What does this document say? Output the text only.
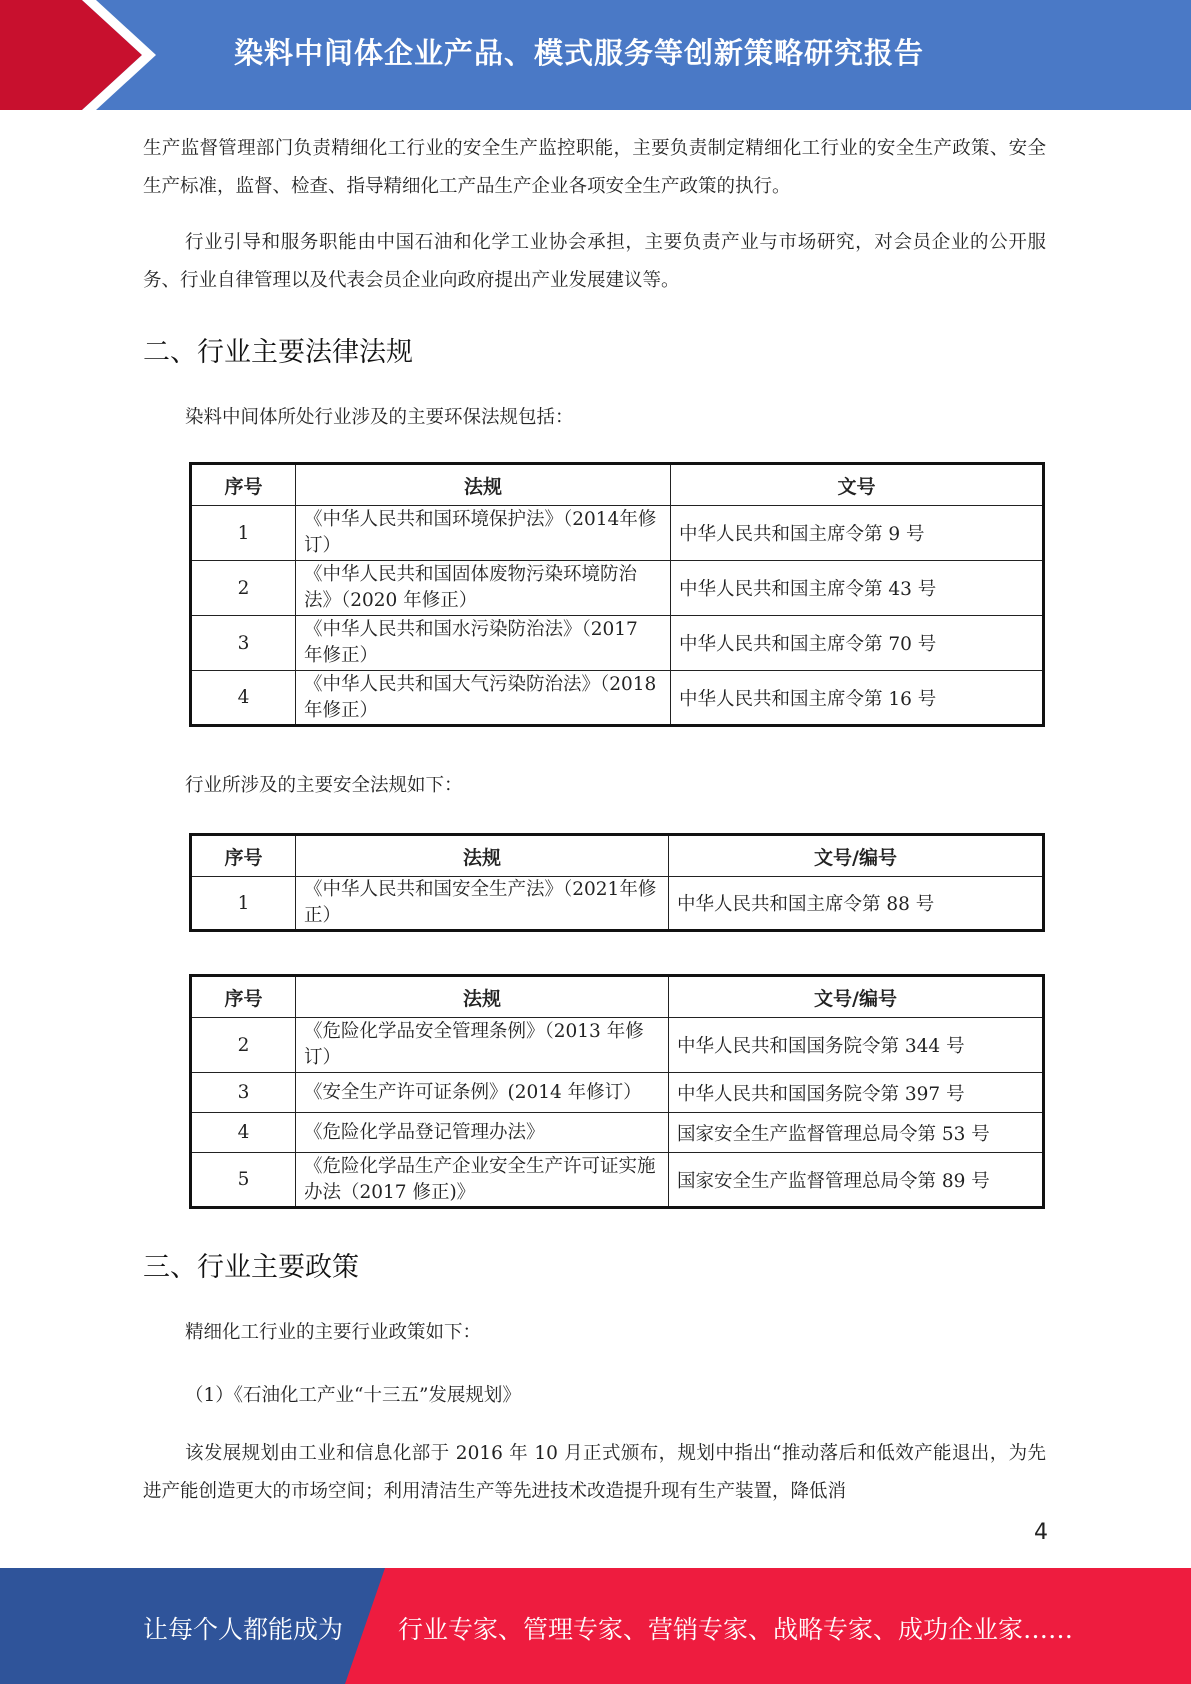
染料中间体企业产品、模式服务等创新策略研究报告

生产监督管理部门负责精细化工行业的安全生产监控职能，主要负责制定精细化工行业的安全生产政策、安全生产标准，监督、检查、指导精细化工产品生产企业各项安全生产政策的执行。

行业引导和服务职能由中国石油和化学工业协会承担，主要负责产业与市场研究，对会员企业的公开服务、行业自律管理以及代表会员企业向政府提出产业发展建议等。

二、行业主要法律法规
染料中间体所处行业涉及的主要环保法规包括：
序号	法规	文号
1	《中华人民共和国环境保护法》（2014年修订）	中华人民共和国主席令第 9 号
2	《中华人民共和国固体废物污染环境防治法》（2020 年修正）	中华人民共和国主席令第 43 号
3	《中华人民共和国水污染防治法》（2017 年修正）	中华人民共和国主席令第 70 号
4	《中华人民共和国大气污染防治法》（2018 年修正）	中华人民共和国主席令第 16 号
行业所涉及的主要安全法规如下：
序号	法规	文号/编号
1	《中华人民共和国安全生产法》（2021年修正）	中华人民共和国主席令第 88 号
序号	法规	文号/编号
2	《危险化学品安全管理条例》（2013 年修订）	中华人民共和国国务院令第 344 号
3	《安全生产许可证条例》(2014 年修订）	中华人民共和国国务院令第 397 号
4	《危险化学品登记管理办法》	国家安全生产监督管理总局令第 53 号
5	《危险化学品生产企业安全生产许可证实施办法（2017 修正)》	国家安全生产监督管理总局令第 89 号
三、行业主要政策
精细化工行业的主要行业政策如下：
（1）《石油化工产业“十三五”发展规划》

该发展规划由工业和信息化部于 2016 年 10 月正式颁布，规划中指出“推动落后和低效产能退出，为先进产能创造更大的市场空间；利用清洁生产等先进技术改造提升现有生产装置，降低消

4
让每个人都能成为 行业专家、管理专家、营销专家、战略专家、成功企业家……
